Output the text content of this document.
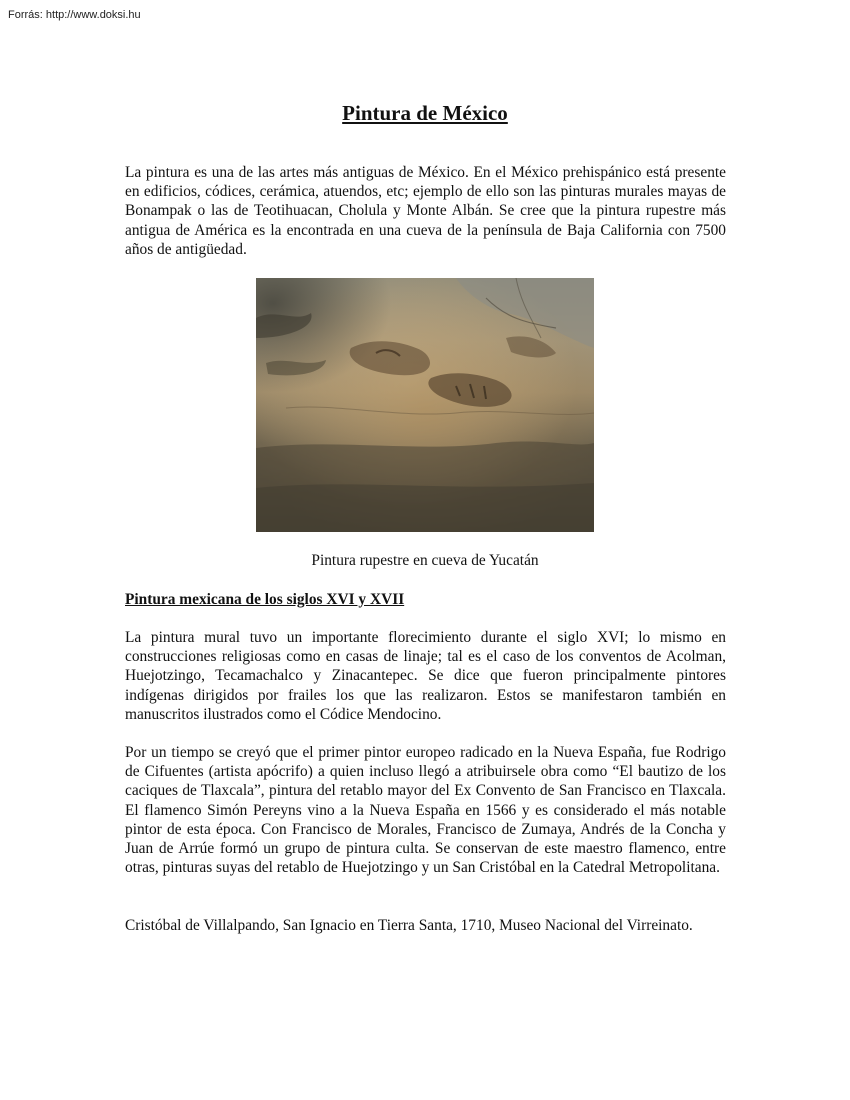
Forrás: http://www.doksi.hu
Pintura de México

La pintura es una de las artes más antiguas de México. En el México prehispánico está presente en edificios, códices, cerámica, atuendos, etc; ejemplo de ello son las pinturas murales mayas de Bonampak o las de Teotihuacan, Cholula y Monte Albán. Se cree que la pintura rupestre más antigua de América es la encontrada en una cueva de la península de Baja California con 7500 años de antigüedad.

Pintura rupestre en cueva de Yucatán

Pintura mexicana de los siglos XVI y XVII

La pintura mural tuvo un importante florecimiento durante el siglo XVI; lo mismo en construcciones religiosas como en casas de linaje; tal es el caso de los conventos de Acolman, Huejotzingo, Tecamachalco y Zinacantepec. Se dice que fueron principalmente pintores indígenas dirigidos por frailes los que las realizaron. Estos se manifestaron también en manuscritos ilustrados como el Códice Mendocino.

Por un tiempo se creyó que el primer pintor europeo radicado en la Nueva España, fue Rodrigo de Cifuentes (artista apócrifo) a quien incluso llegó a atribuirsele obra como “El bautizo de los caciques de Tlaxcala”, pintura del retablo mayor del Ex Convento de San Francisco en Tlaxcala. El flamenco Simón Pereyns vino a la Nueva España en 1566 y es considerado el más notable pintor de esta época. Con Francisco de Morales, Francisco de Zumaya, Andrés de la Concha y Juan de Arrúe formó un grupo de pintura culta. Se conservan de este maestro flamenco, entre otras, pinturas suyas del retablo de Huejotzingo y un San Cristóbal en la Catedral Metropolitana.

Cristóbal de Villalpando, San Ignacio en Tierra Santa, 1710, Museo Nacional del Virreinato.
